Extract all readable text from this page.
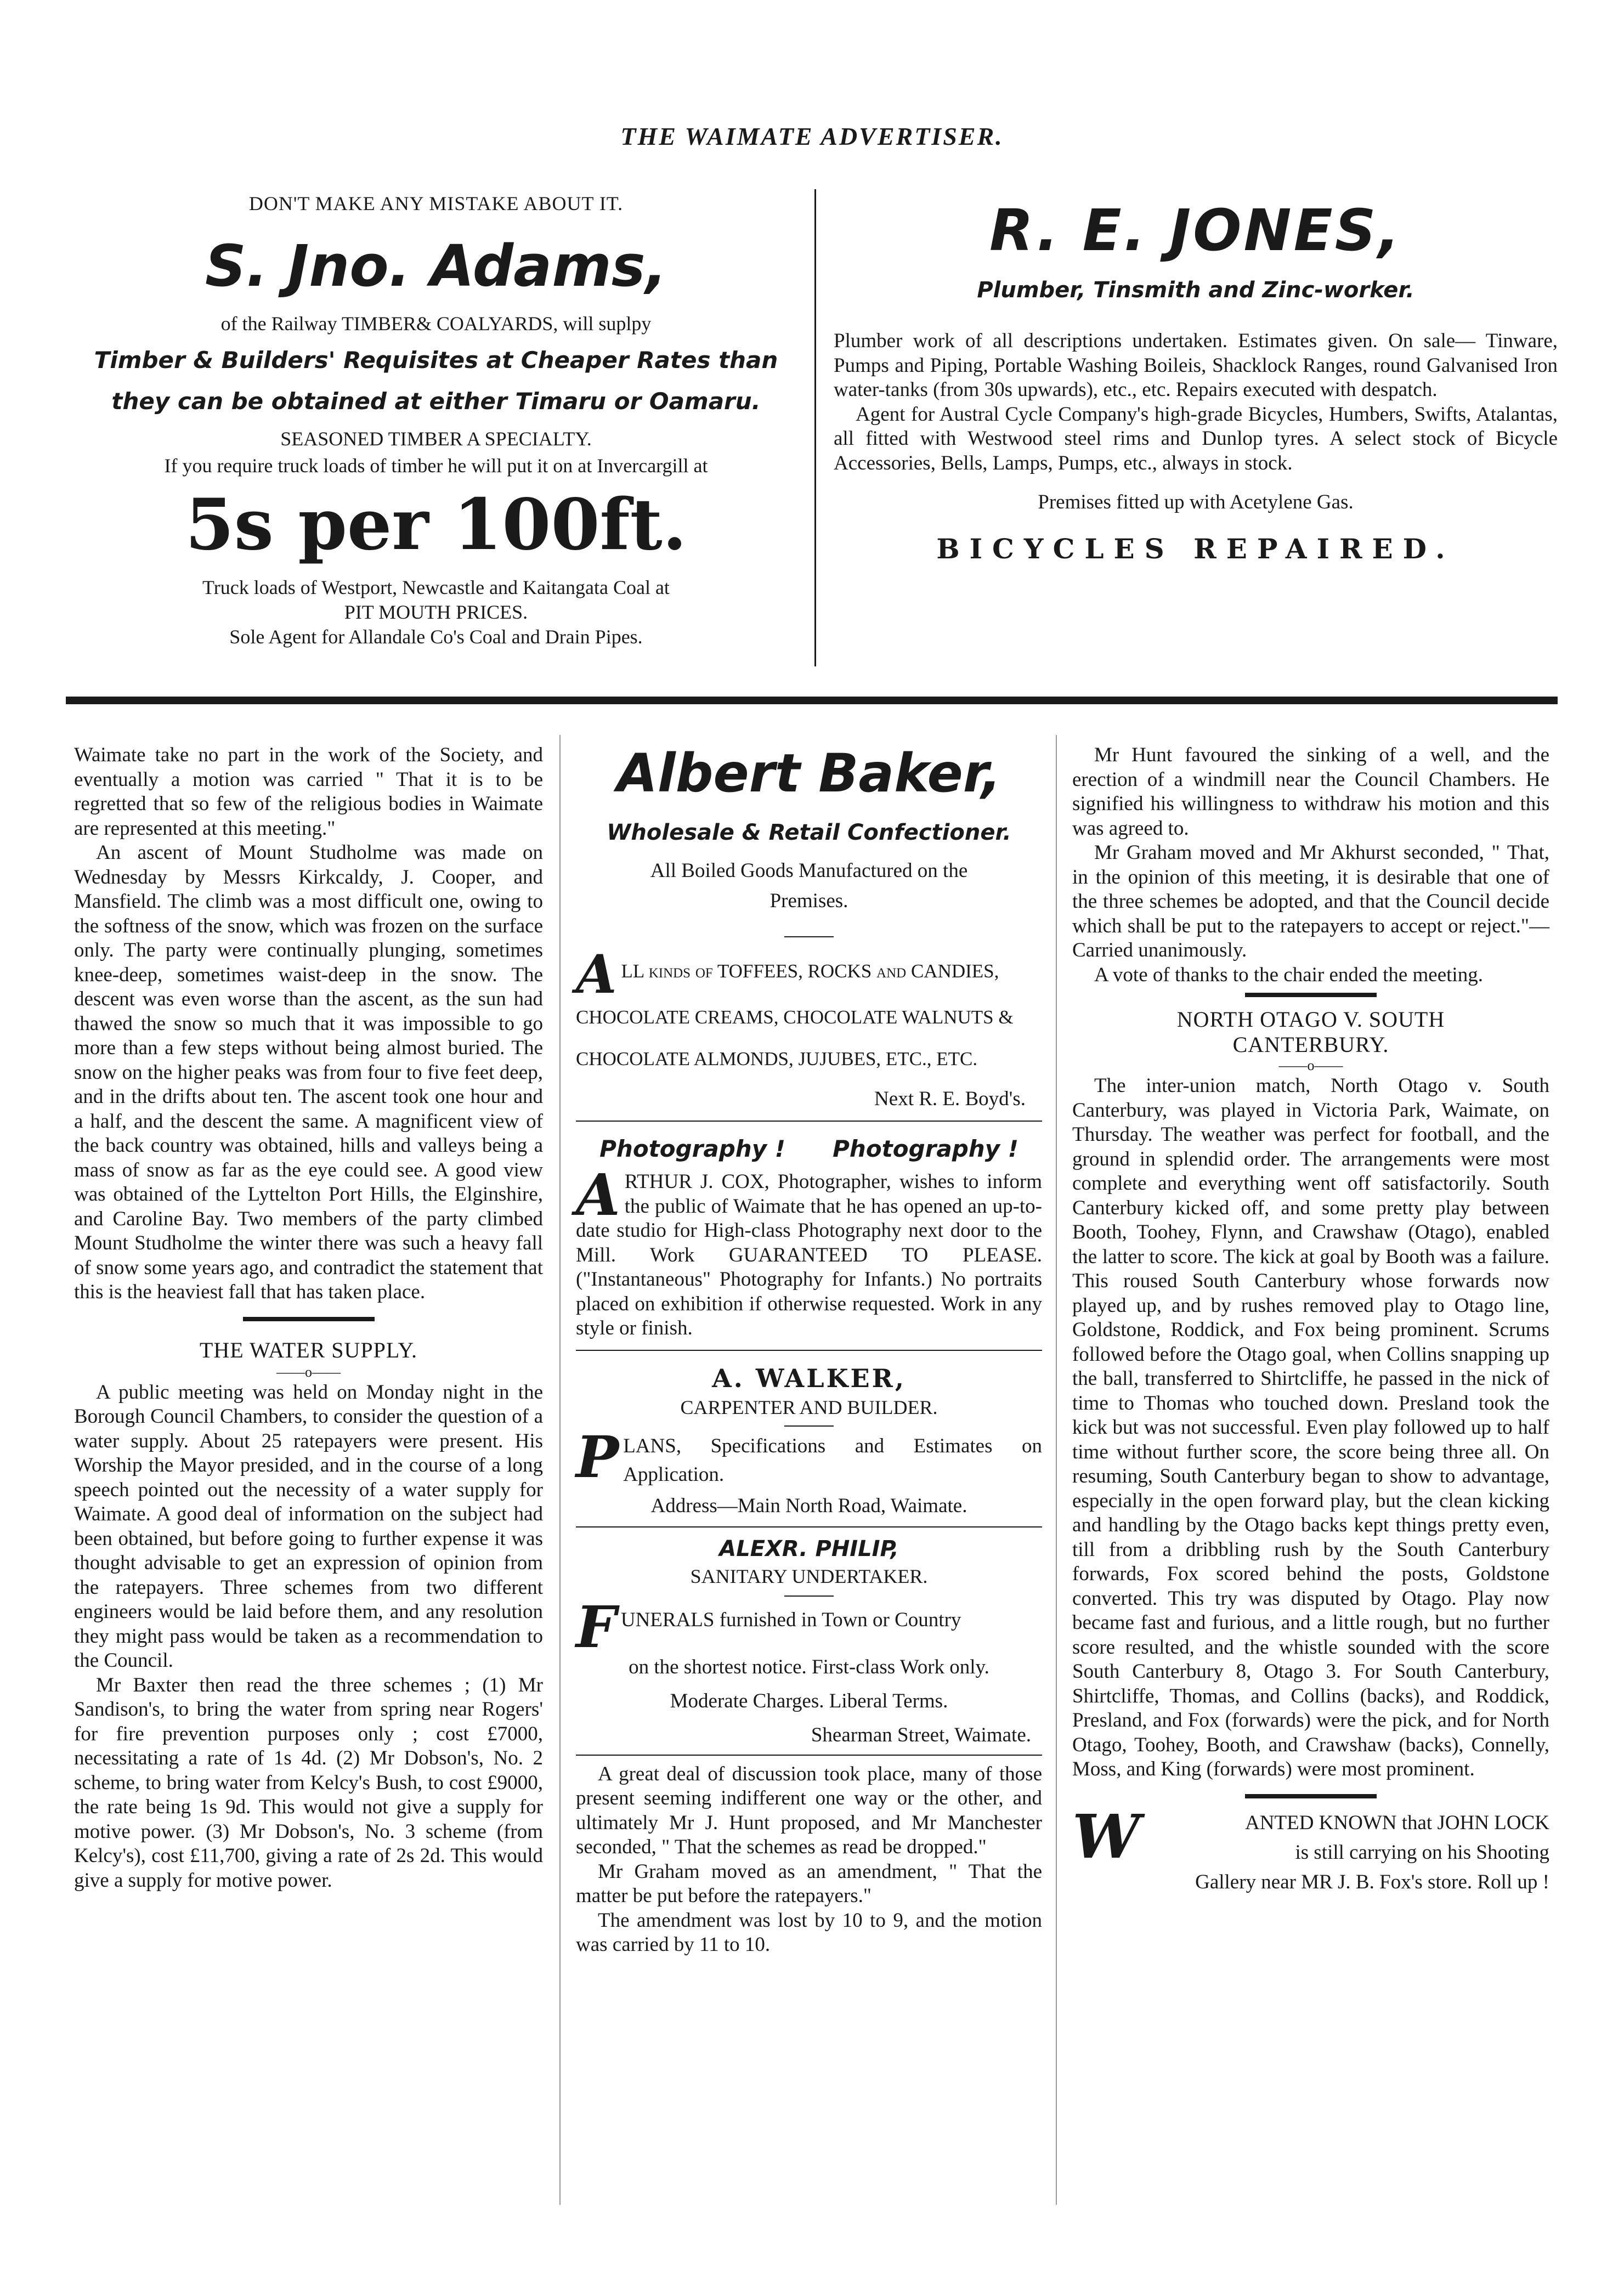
THE WAIMATE ADVERTISER.
DON'T MAKE ANY MISTAKE ABOUT IT.
S. Jno. Adams,
of the Railway TIMBER& COALYARDS, will suplpy
Timber & Builders' Requisites at Cheaper Rates than
they can be obtained at either Timaru or Oamaru.
SEASONED TIMBER A SPECIALTY.
If you require truck loads of timber he will put it on at Invercargill at
5s per 100ft.
Truck loads of Westport, Newcastle and Kaitangata Coal at
PIT MOUTH PRICES.
Sole Agent for Allandale Co's Coal and Drain Pipes.
R. E. JONES,
Plumber, Tinsmith and Zinc-worker.

Plumber work of all descriptions undertaken. Estimates given. On sale— Tinware, Pumps and Piping, Portable Washing Boileis, Shacklock Ranges, round Galvanised Iron water-tanks (from 30s upwards), etc., etc. Repairs executed with despatch.

Agent for Austral Cycle Company's high-grade Bicycles, Humbers, Swifts, Atalantas, all fitted with Westwood steel rims and Dunlop tyres. A select stock of Bicycle Accessories, Bells, Lamps, Pumps, etc., always in stock.

Premises fitted up with Acetylene Gas.
BICYCLES REPAIRED.

Waimate take no part in the work of the Society, and eventually a motion was carried " That it is to be regretted that so few of the religious bodies in Waimate are represented at this meeting."

An ascent of Mount Studholme was made on Wednesday by Messrs Kirkcaldy, J. Cooper, and Mansfield. The climb was a most difficult one, owing to the softness of the snow, which was frozen on the surface only. The party were continually plunging, sometimes knee-deep, sometimes waist-deep in the snow. The descent was even worse than the ascent, as the sun had thawed the snow so much that it was impossible to go more than a few steps without being almost buried. The snow on the higher peaks was from four to five feet deep, and in the drifts about ten. The ascent took one hour and a half, and the descent the same. A magnificent view of the back country was obtained, hills and valleys being a mass of snow as far as the eye could see. A good view was obtained of the Lyttelton Port Hills, the Elginshire, and Caroline Bay. Two members of the party climbed Mount Studholme the winter there was such a heavy fall of snow some years ago, and contradict the statement that this is the heaviest fall that has taken place.

THE WATER SUPPLY.
——o——

A public meeting was held on Monday night in the Borough Council Chambers, to consider the question of a water supply. About 25 ratepayers were present. His Worship the Mayor presided, and in the course of a long speech pointed out the necessity of a water supply for Waimate. A good deal of information on the subject had been obtained, but before going to further expense it was thought advisable to get an expression of opinion from the ratepayers. Three schemes from two different engineers would be laid before them, and any resolution they might pass would be taken as a recommendation to the Council.

Mr Baxter then read the three schemes ; (1) Mr Sandison's, to bring the water from spring near Rogers' for fire prevention purposes only ; cost £7000, necessitating a rate of 1s 4d. (2) Mr Dobson's, No. 2 scheme, to bring water from Kelcy's Bush, to cost £9000, the rate being 1s 9d. This would not give a supply for motive power. (3) Mr Dobson's, No. 3 scheme (from Kelcy's), cost £11,700, giving a rate of 2s 2d. This would give a supply for motive power.

Albert Baker,
Wholesale & Retail Confectioner.
All Boiled Goods Manufactured on the
Premises.
A LL kinds of TOFFEES, ROCKS and CANDIES,
CHOCOLATE CREAMS, CHOCOLATE WALNUTS &
CHOCOLATE ALMONDS, JUJUBES, ETC., ETC.
Next R. E. Boyd's.
Photography ! Photography !

ARTHUR J. COX, Photographer, wishes to inform the public of Waimate that he has opened an up-to-date studio for High-class Photography next door to the Mill. Work GUARANTEED TO PLEASE. ("Instantaneous" Photography for Infants.) No portraits placed on exhibition if otherwise requested. Work in any style or finish.

A. WALKER,
CARPENTER AND BUILDER.

PLANS, Specifications and Estimates on Application.

Address—Main North Road, Waimate.
ALEXR. PHILIP,
SANITARY UNDERTAKER.
FUNERALS furnished in Town or Country
on the shortest notice. First-class Work only.
Moderate Charges. Liberal Terms.
Shearman Street, Waimate.

A great deal of discussion took place, many of those present seeming indifferent one way or the other, and ultimately Mr J. Hunt proposed, and Mr Manchester seconded, " That the schemes as read be dropped."

Mr Graham moved as an amendment, " That the matter be put before the ratepayers."

The amendment was lost by 10 to 9, and the motion was carried by 11 to 10.

Mr Hunt favoured the sinking of a well, and the erection of a windmill near the Council Chambers. He signified his willingness to withdraw his motion and this was agreed to.

Mr Graham moved and Mr Akhurst seconded, " That, in the opinion of this meeting, it is desirable that one of the three schemes be adopted, and that the Council decide which shall be put to the ratepayers to accept or reject."—Carried unanimously.

A vote of thanks to the chair ended the meeting.

NORTH OTAGO V. SOUTH
CANTERBURY.
——o——

The inter-union match, North Otago v. South Canterbury, was played in Victoria Park, Waimate, on Thursday. The weather was perfect for football, and the ground in splendid order. The arrangements were most complete and everything went off satisfactorily. South Canterbury kicked off, and some pretty play between Booth, Toohey, Flynn, and Crawshaw (Otago), enabled the latter to score. The kick at goal by Booth was a failure. This roused South Canterbury whose forwards now played up, and by rushes removed play to Otago line, Goldstone, Roddick, and Fox being prominent. Scrums followed before the Otago goal, when Collins snapping up the ball, transferred to Shirtcliffe, he passed in the nick of time to Thomas who touched down. Presland took the kick but was not successful. Even play followed up to half time without further score, the score being three all. On resuming, South Canterbury began to show to advantage, especially in the open forward play, but the clean kicking and handling by the Otago backs kept things pretty even, till from a dribbling rush by the South Canterbury forwards, Fox scored behind the posts, Goldstone converted. This try was disputed by Otago. Play now became fast and furious, and a little rough, but no further score resulted, and the whistle sounded with the score South Canterbury 8, Otago 3. For South Canterbury, Shirtcliffe, Thomas, and Collins (backs), and Roddick, Presland, and Fox (forwards) were the pick, and for North Otago, Toohey, Booth, and Crawshaw (backs), Connelly, Moss, and King (forwards) were most prominent.

W	ANTED KNOWN that JOHN LOCK
is still carrying on his Shooting
Gallery near MR J. B. Fox's store. Roll up !
